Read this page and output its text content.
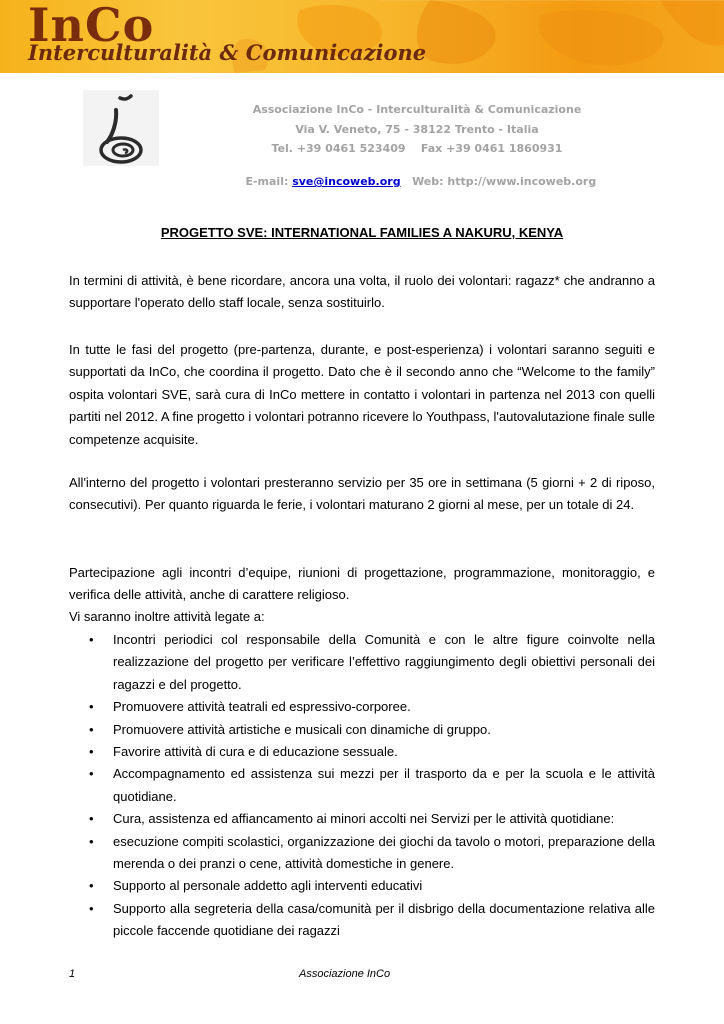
InCo
Interculturalità & Comunicazione
Associazione InCo - Interculturalità & Comunicazione
Via V. Veneto, 75 - 38122 Trento - Italia
Tel. +39 0461 523409    Fax +39 0461 1860931

E-mail: sve@incoweb.org   Web: http://www.incoweb.org

PROGETTO SVE: INTERNATIONAL FAMILIES A NAKURU, KENYA
In termini di attività, è bene ricordare, ancora una volta, il ruolo dei volontari: ragazz* che andranno a supportare l'operato dello staff locale, senza sostituirlo.
In tutte le fasi del progetto (pre-partenza, durante, e post-esperienza) i volontari saranno seguiti e supportati da InCo, che coordina il progetto. Dato che è il secondo anno che “Welcome to the family” ospita volontari SVE, sarà cura di InCo mettere in contatto i volontari in partenza nel 2013 con quelli partiti nel 2012. A fine progetto i volontari potranno ricevere lo Youthpass, l'autovalutazione finale sulle competenze acquisite.
All'interno del progetto i volontari presteranno servizio per 35 ore in settimana (5 giorni + 2 di riposo, consecutivi). Per quanto riguarda le ferie, i volontari maturano 2 giorni al mese, per un totale di 24.
Partecipazione agli incontri d’equipe, riunioni di progettazione, programmazione, monitoraggio, e verifica delle attività, anche di carattere religioso.
Vi saranno inoltre attività legate a:
• Incontri periodici col responsabile della Comunità e con le altre figure coinvolte nella realizzazione del progetto per verificare l’effettivo raggiungimento degli obiettivi personali dei ragazzi e del progetto.
• Promuovere attività teatrali ed espressivo-corporee.
• Promuovere attività artistiche e musicali con dinamiche di gruppo.
• Favorire attività di cura e di educazione sessuale.
• Accompagnamento ed assistenza sui mezzi per il trasporto da e per la scuola e le attività quotidiane.
• Cura, assistenza ed affiancamento ai minori accolti nei Servizi per le attività quotidiane:
• esecuzione compiti scolastici, organizzazione dei giochi da tavolo o motori, preparazione della merenda o dei pranzi o cene, attività domestiche in genere.
• Supporto al personale addetto agli interventi educativi
• Supporto alla segreteria della casa/comunità per il disbrigo della documentazione relativa alle piccole faccende quotidiane dei ragazzi
1	Associazione InCo
